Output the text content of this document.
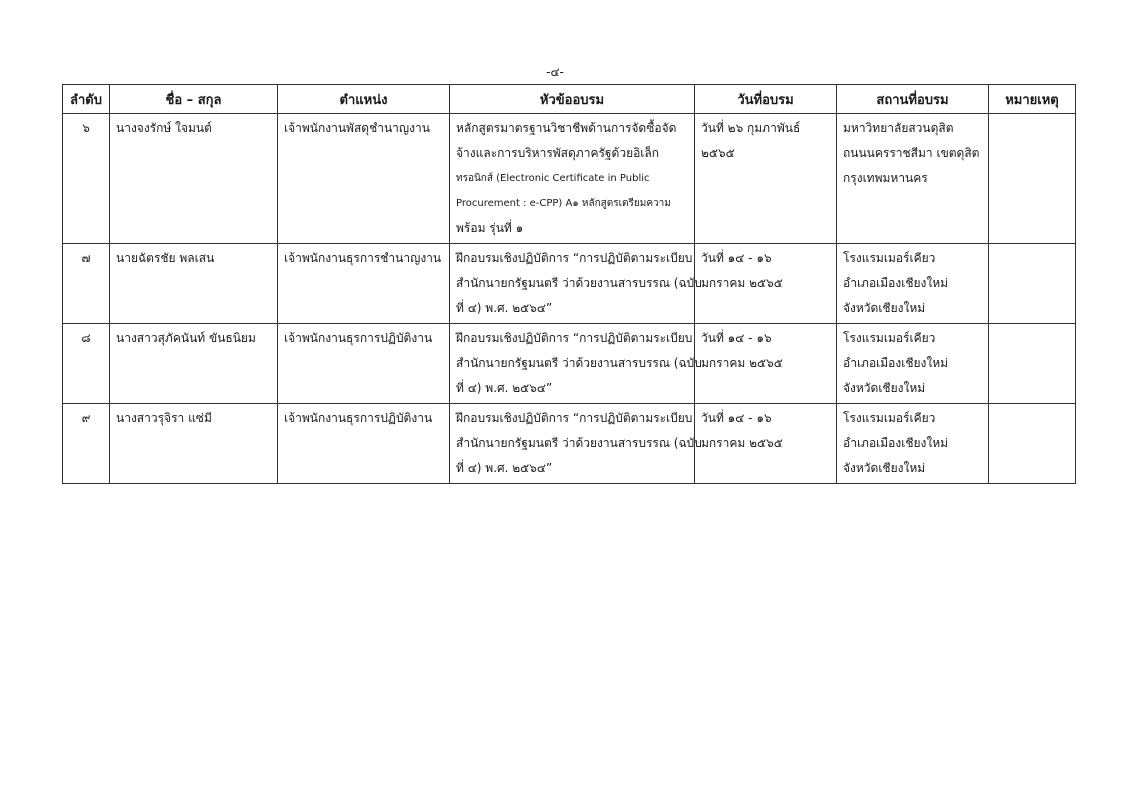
-๔-
ลำดับ	ชื่อ – สกุล	ตำแหน่ง	หัวข้ออบรม	วันที่อบรม	สถานที่อบรม	หมายเหตุ
๖	นางจงรักษ์ ใจมนต์	เจ้าพนักงานพัสดุชำนาญงาน	หลักสูตรมาตรฐานวิชาชีพด้านการจัดซื้อจัด
จ้างและการบริหารพัสดุภาครัฐด้วยอิเล็ก
ทรอนิกส์ (Electronic Certificate in Public
Procurement : e-CPP) A๑ หลักสูตรเตรียมความ
พร้อม รุ่นที่ ๑	วันที่ ๒๖ กุมภาพันธ์
๒๕๖๕	มหาวิทยาลัยสวนดุสิต
ถนนนครราชสีมา เขตดุสิต
กรุงเทพมหานคร	

๗	นายฉัตรชัย พลเสน	เจ้าพนักงานธุรการชำนาญงาน	ฝึกอบรมเชิงปฏิบัติการ “การปฏิบัติตามระเบียบ
สำนักนายกรัฐมนตรี ว่าด้วยงานสารบรรณ (ฉบับ
ที่ ๔) พ.ศ. ๒๕๖๔”	วันที่ ๑๔ - ๑๖
มกราคม ๒๕๖๕	โรงแรมเมอร์เคียว
อำเภอเมืองเชียงใหม่
จังหวัดเชียงใหม่	

๘	นางสาวสุภัคนันท์ ขันธนิยม	เจ้าพนักงานธุรการปฏิบัติงาน	ฝึกอบรมเชิงปฏิบัติการ “การปฏิบัติตามระเบียบ
สำนักนายกรัฐมนตรี ว่าด้วยงานสารบรรณ (ฉบับ
ที่ ๔) พ.ศ. ๒๕๖๔”	วันที่ ๑๔ - ๑๖
มกราคม ๒๕๖๕	โรงแรมเมอร์เคียว
อำเภอเมืองเชียงใหม่
จังหวัดเชียงใหม่	

๙	นางสาวรุจิรา แซ่มี	เจ้าพนักงานธุรการปฏิบัติงาน	ฝึกอบรมเชิงปฏิบัติการ “การปฏิบัติตามระเบียบ
สำนักนายกรัฐมนตรี ว่าด้วยงานสารบรรณ (ฉบับ
ที่ ๔) พ.ศ. ๒๕๖๔”	วันที่ ๑๔ - ๑๖
มกราคม ๒๕๖๕	โรงแรมเมอร์เคียว
อำเภอเมืองเชียงใหม่
จังหวัดเชียงใหม่	
